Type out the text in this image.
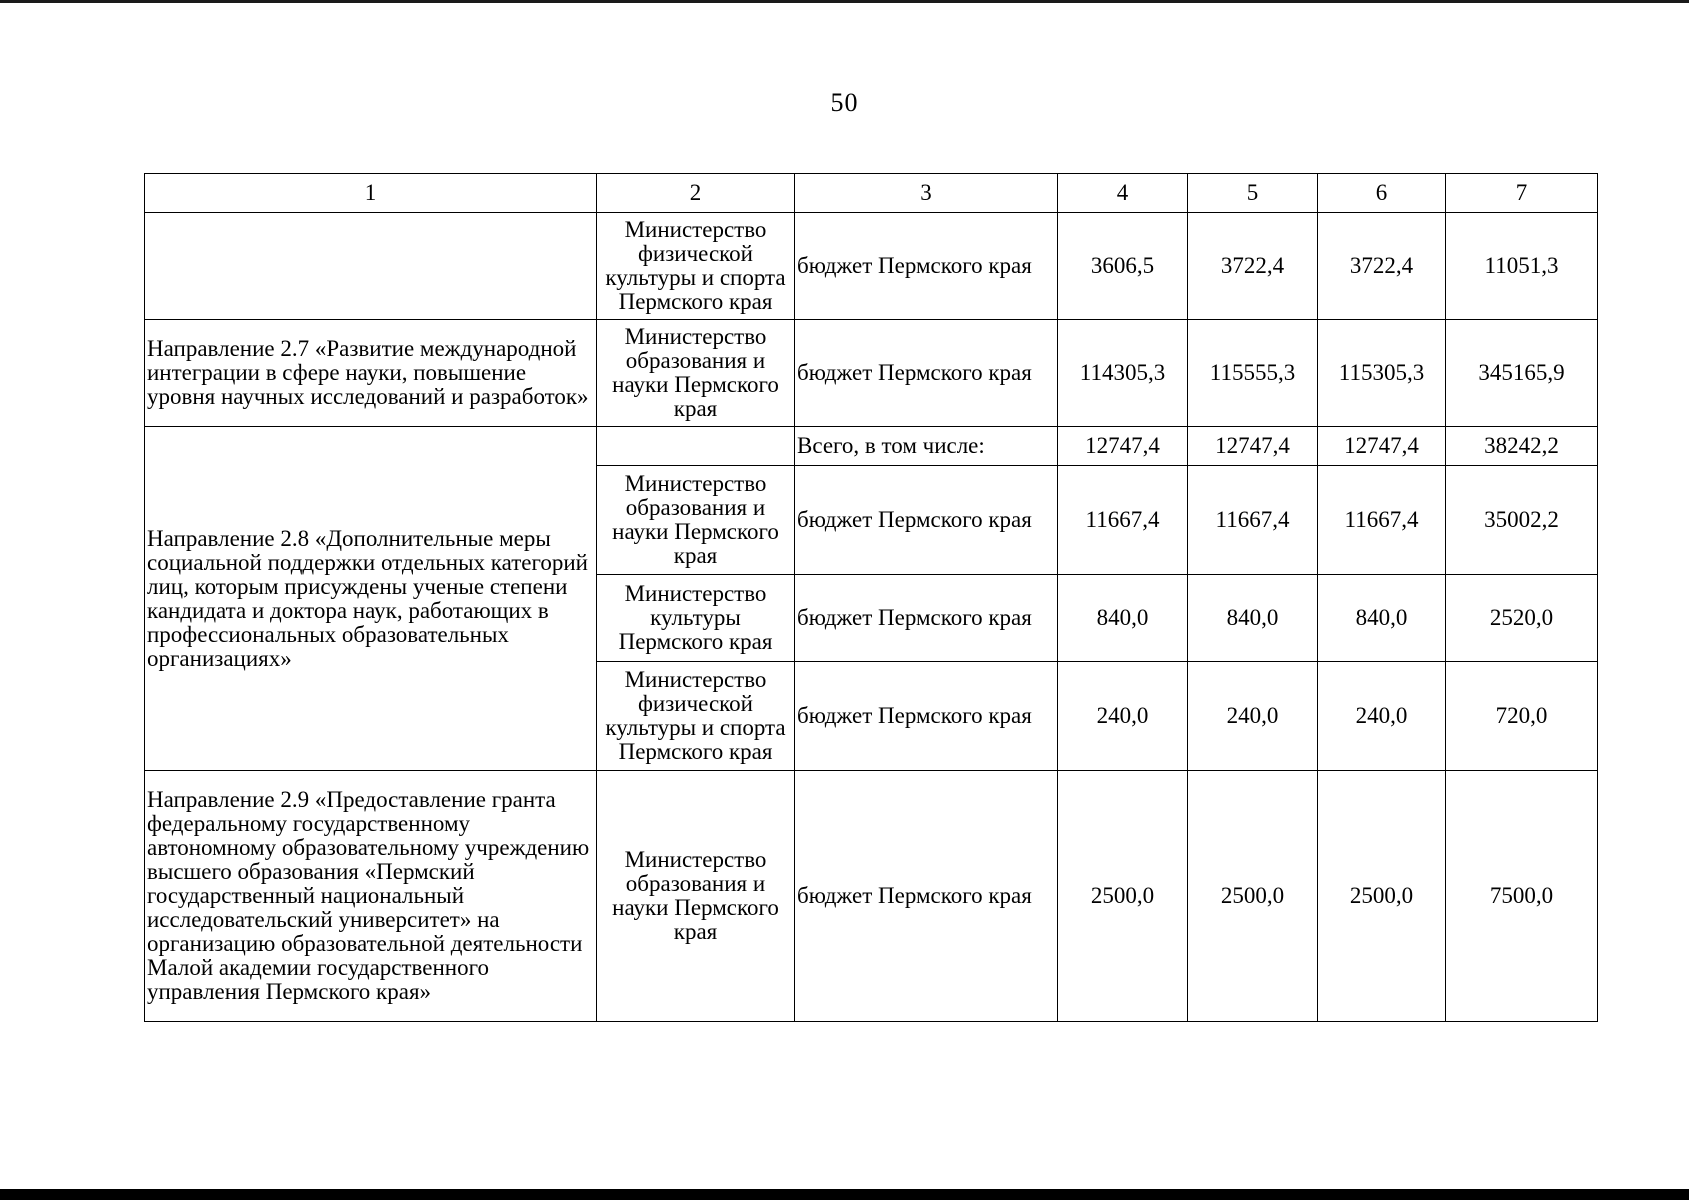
50
1	2	3	4	5	6	7
	Министерство физической культуры и спорта Пермского края	бюджет Пермского края	3606,5	3722,4	3722,4	11051,3
Направление 2.7 «Развитие международной интеграции в сфере науки, повышение уровня научных исследований и разработок»	Министерство образования и науки Пермского края	бюджет Пермского края	114305,3	115555,3	115305,3	345165,9
Направление 2.8 «Дополнительные меры социальной поддержки отдельных категорий лиц, которым присуждены ученые степени кандидата и доктора наук, работающих в профессиональных образовательных организациях»		Всего, в том числе:	12747,4	12747,4	12747,4	38242,2
	Министерство образования и науки Пермского края	бюджет Пермского края	11667,4	11667,4	11667,4	35002,2
	Министерство культуры Пермского края	бюджет Пермского края	840,0	840,0	840,0	2520,0
	Министерство физической культуры и спорта Пермского края	бюджет Пермского края	240,0	240,0	240,0	720,0
Направление 2.9 «Предоставление гранта федеральному государственному автономному образовательному учреждению высшего образования «Пермский государственный национальный исследовательский университет» на организацию образовательной деятельности Малой академии государственного управления Пермского края»	Министерство образования и науки Пермского края	бюджет Пермского края	2500,0	2500,0	2500,0	7500,0
